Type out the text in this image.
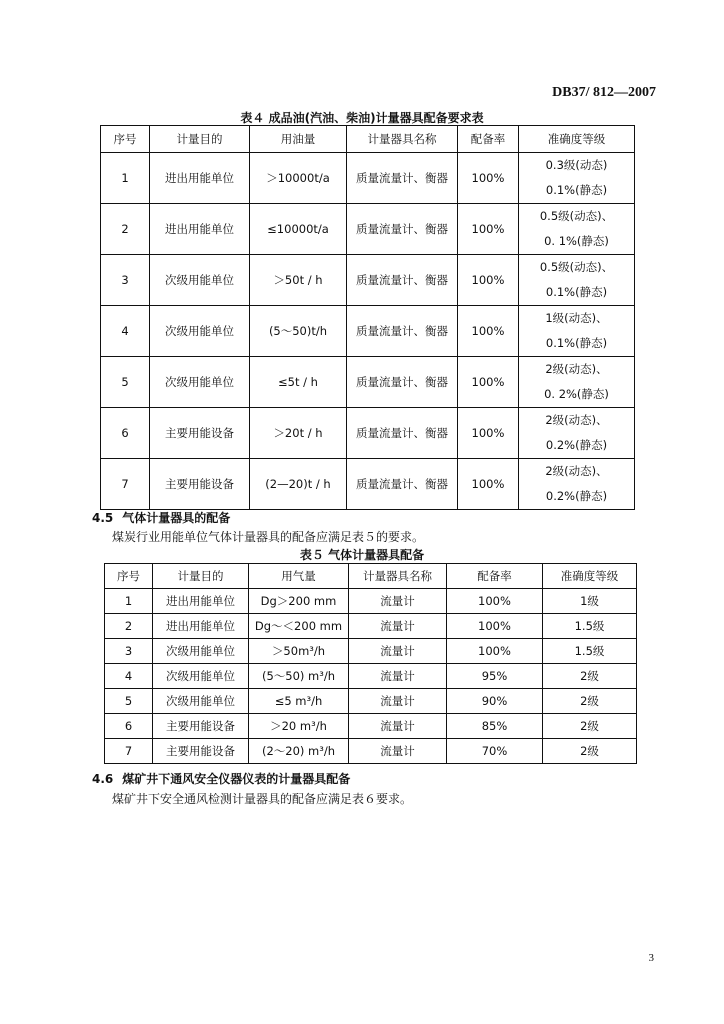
DB37/ 812—2007
表４ 成品油(汽油、柴油)计量器具配备要求表
序号	计量目的	用油量	计量器具名称	配备率	准确度等级
1	进出用能单位	＞10000t/a	质量流量计、衡器	100%	0.3级(动态)
0.1%(静态)

2	进出用能单位	≤10000t/a	质量流量计、衡器	100%	0.5级(动态)、
0. 1%(静态)

3	次级用能单位	＞50t / h	质量流量计、衡器	100%	0.5级(动态)、
0.1%(静态)

4	次级用能单位	(5～50)t/h	质量流量计、衡器	100%	1级(动态)、
0.1%(静态)

5	次级用能单位	≤5t / h	质量流量计、衡器	100%	2级(动态)、
0. 2%(静态)

6	主要用能设备	＞20t / h	质量流量计、衡器	100%	2级(动态)、
0.2%(静态)

7	主要用能设备	(2—20)t / h	质量流量计、衡器	100%	2级(动态)、
0.2%(静态)
4.5 气体计量器具的配备
煤炭行业用能单位气体计量器具的配备应满足表５的要求。
表５ 气体计量器具配备
序号	计量目的	用气量	计量器具名称	配备率	准确度等级
1	进出用能单位	Dg＞200 mm	流量计	100%	1级
2	进出用能单位	Dg～＜200 mm	流量计	100%	1.5级
3	次级用能单位	＞50m³/h	流量计	100%	1.5级
4	次级用能单位	(5～50) m³/h	流量计	95%	2级
5	次级用能单位	≤5 m³/h	流量计	90%	2级
6	主要用能设备	＞20 m³/h	流量计	85%	2级
7	主要用能设备	(2～20) m³/h	流量计	70%	2级
4.6 煤矿井下通风安全仪器仪表的计量器具配备
煤矿井下安全通风检测计量器具的配备应满足表６要求。
3
